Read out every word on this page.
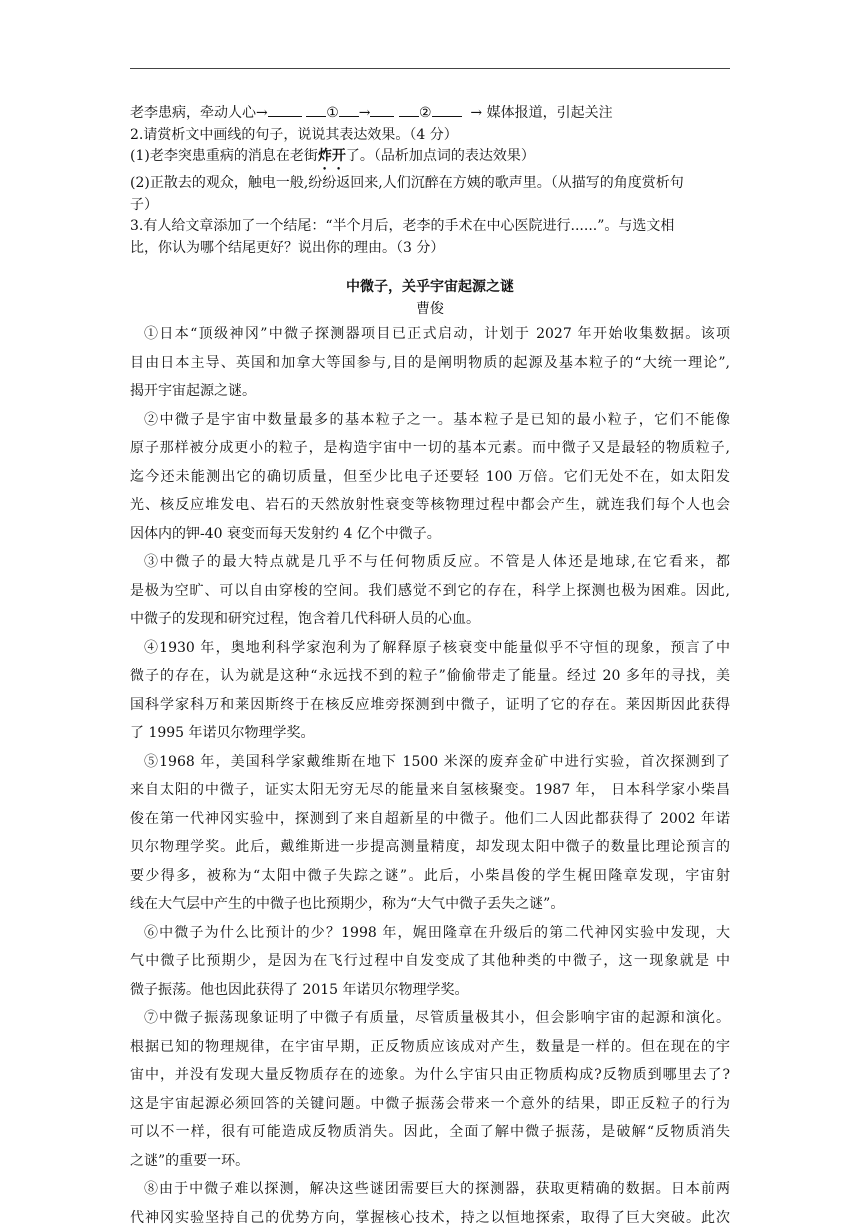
老李患病，牵动人心→	① →	②	→ 媒体报道，引起关注
2.请赏析文中画线的句子，说说其表达效果。（4 分）
(1)老李突患重病的消息在老街炸开了。（品析加点词的表达效果）
(2)正散去的观众，触电一般,纷纷返回来,人们沉醉在方姨的歌声里。（从描写的角度赏析句
子）
3.有人给文章添加了一个结尾：“半个月后，老李的手术在中心医院进行......”。与选文相
比，你认为哪个结尾更好？说出你的理由。（3 分）
中微子，关乎宇宙起源之谜
曹俊
①日本“顶级神冈”中微子探测器项目已正式启动，计划于 2027 年开始收集数据。该项
目由日本主导、英国和加拿大等国参与,目的是阐明物质的起源及基本粒子的“大统一理论”,
揭开宇宙起源之谜。
②中微子是宇宙中数量最多的基本粒子之一。基本粒子是已知的最小粒子，它们不能像
原子那样被分成更小的粒子，是构造宇宙中一切的基本元素。而中微子又是最轻的物质粒子,
迄今还未能测出它的确切质量，但至少比电子还要轻 100 万倍。它们无处不在，如太阳发
光、核反应堆发电、岩石的天然放射性衰变等核物理过程中都会产生，就连我们每个人也会
因体内的钾-40 衰变而每天发射约 4 亿个中微子。
③中微子的最大特点就是几乎不与任何物质反应。不管是人体还是地球,在它看来，都
是极为空旷、可以自由穿梭的空间。我们感觉不到它的存在，科学上探测也极为困难。因此,
中微子的发现和研究过程，饱含着几代科研人员的心血。
④1930 年，奥地利科学家泡利为了解释原子核衰变中能量似乎不守恒的现象，预言了中
微子的存在，认为就是这种“永远找不到的粒子”偷偷带走了能量。经过 20 多年的寻找，美
国科学家科万和莱因斯终于在核反应堆旁探测到中微子，证明了它的存在。莱因斯因此获得
了 1995 年诺贝尔物理学奖。
⑤1968 年，美国科学家戴维斯在地下 1500 米深的废弃金矿中进行实验，首次探测到了
来自太阳的中微子，证实太阳无穷无尽的能量来自氢核聚变。1987 年， 日本科学家小柴昌
俊在第一代神冈实验中，探测到了来自超新星的中微子。他们二人因此都获得了 2002 年诺
贝尔物理学奖。此后，戴维斯进一步提高测量精度，却发现太阳中微子的数量比理论预言的
要少得多，被称为“太阳中微子失踪之谜”。此后，小柴昌俊的学生梶田隆章发现，宇宙射
线在大气层中产生的中微子也比预期少，称为“大气中微子丢失之谜”。
⑥中微子为什么比预计的少？1998 年，娓田隆章在升级后的第二代神冈实验中发现，大
气中微子比预期少，是因为在飞行过程中自发变成了其他种类的中微子，这一现象就是 中
微子振荡。他也因此获得了 2015 年诺贝尔物理学奖。
⑦中微子振荡现象证明了中微子有质量，尽管质量极其小，但会影响宇宙的起源和演化。
根据已知的物理规律，在宇宙早期，正反物质应该成对产生，数量是一样的。但在现在的宇
宙中，并没有发现大量反物质存在的迹象。为什么宇宙只由正物质构成?反物质到哪里去了?
这是宇宙起源必须回答的关键问题。中微子振荡会带来一个意外的结果，即正反粒子的行为
可以不一样，很有可能造成反物质消失。因此，全面了解中微子振荡，是破解“反物质消失
之谜”的重要一环。
⑧由于中微子难以探测，解决这些谜团需要巨大的探测器，获取更精确的数据。日本前两
代神冈实验坚持自己的优势方向，掌握核心技术，持之以恒地探索，取得了巨大突破。此次
